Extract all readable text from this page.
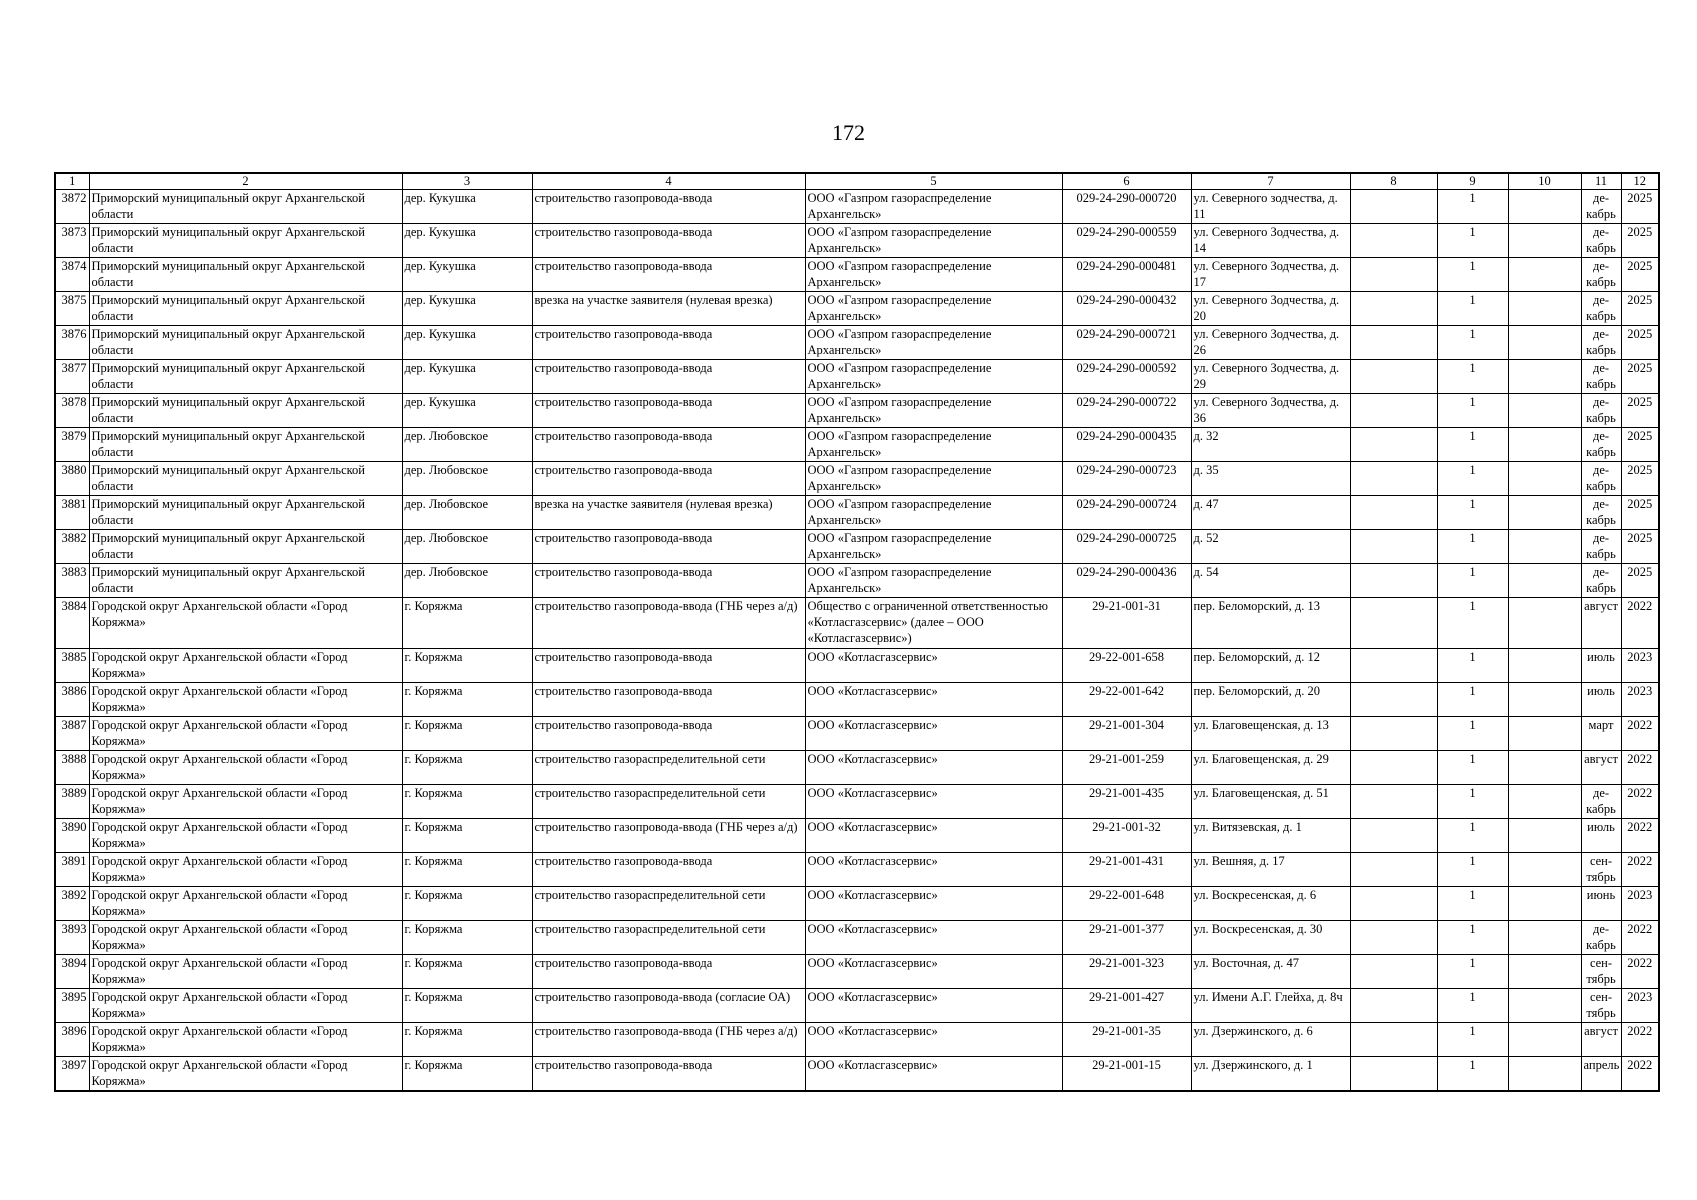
172
1	2	3	4	5	6	7	8	9	10	11	12
3872	Приморский муниципальный округ Архангельской области	дер. Кукушка	строительство газопровода-ввода	ООО «Газпром газораспределение Архангельск»	029-24-290-000720	ул. Северного зодчества, д. 11		1		де-кабрь	2025
3873	Приморский муниципальный округ Архангельской области	дер. Кукушка	строительство газопровода-ввода	ООО «Газпром газораспределение Архангельск»	029-24-290-000559	ул. Северного Зодчества, д. 14		1		де-кабрь	2025
3874	Приморский муниципальный округ Архангельской области	дер. Кукушка	строительство газопровода-ввода	ООО «Газпром газораспределение Архангельск»	029-24-290-000481	ул. Северного Зодчества, д. 17		1		де-кабрь	2025
3875	Приморский муниципальный округ Архангельской области	дер. Кукушка	врезка на участке заявителя (нулевая врезка)	ООО «Газпром газораспределение Архангельск»	029-24-290-000432	ул. Северного Зодчества, д. 20		1		де-кабрь	2025
3876	Приморский муниципальный округ Архангельской области	дер. Кукушка	строительство газопровода-ввода	ООО «Газпром газораспределение Архангельск»	029-24-290-000721	ул. Северного Зодчества, д. 26		1		де-кабрь	2025
3877	Приморский муниципальный округ Архангельской области	дер. Кукушка	строительство газопровода-ввода	ООО «Газпром газораспределение Архангельск»	029-24-290-000592	ул. Северного Зодчества, д. 29		1		де-кабрь	2025
3878	Приморский муниципальный округ Архангельской области	дер. Кукушка	строительство газопровода-ввода	ООО «Газпром газораспределение Архангельск»	029-24-290-000722	ул. Северного Зодчества, д. 36		1		де-кабрь	2025
3879	Приморский муниципальный округ Архангельской области	дер. Любовское	строительство газопровода-ввода	ООО «Газпром газораспределение Архангельск»	029-24-290-000435	д. 32		1		де-кабрь	2025
3880	Приморский муниципальный округ Архангельской области	дер. Любовское	строительство газопровода-ввода	ООО «Газпром газораспределение Архангельск»	029-24-290-000723	д. 35		1		де-кабрь	2025
3881	Приморский муниципальный округ Архангельской области	дер. Любовское	врезка на участке заявителя (нулевая врезка)	ООО «Газпром газораспределение Архангельск»	029-24-290-000724	д. 47		1		де-кабрь	2025
3882	Приморский муниципальный округ Архангельской области	дер. Любовское	строительство газопровода-ввода	ООО «Газпром газораспределение Архангельск»	029-24-290-000725	д. 52		1		де-кабрь	2025
3883	Приморский муниципальный округ Архангельской области	дер. Любовское	строительство газопровода-ввода	ООО «Газпром газораспределение Архангельск»	029-24-290-000436	д. 54		1		де-кабрь	2025
3884	Городской округ Архангельской области «Город Коряжма»	г. Коряжма	строительство газопровода-ввода (ГНБ через а/д)	Общество с ограниченной ответственностью «Котласгазсервис» (далее – ООО «Котласгазсервис»)	29-21-001-31	пер. Беломорский, д. 13		1		август	2022
3885	Городской округ Архангельской области «Город Коряжма»	г. Коряжма	строительство газопровода-ввода	ООО «Котласгазсервис»	29-22-001-658	пер. Беломорский, д. 12		1		июль	2023
3886	Городской округ Архангельской области «Город Коряжма»	г. Коряжма	строительство газопровода-ввода	ООО «Котласгазсервис»	29-22-001-642	пер. Беломорский, д. 20		1		июль	2023
3887	Городской округ Архангельской области «Город Коряжма»	г. Коряжма	строительство газопровода-ввода	ООО «Котласгазсервис»	29-21-001-304	ул. Благовещенская, д. 13		1		март	2022
3888	Городской округ Архангельской области «Город Коряжма»	г. Коряжма	строительство газораспределительной сети	ООО «Котласгазсервис»	29-21-001-259	ул. Благовещенская, д. 29		1		август	2022
3889	Городской округ Архангельской области «Город Коряжма»	г. Коряжма	строительство газораспределительной сети	ООО «Котласгазсервис»	29-21-001-435	ул. Благовещенская, д. 51		1		де-кабрь	2022
3890	Городской округ Архангельской области «Город Коряжма»	г. Коряжма	строительство газопровода-ввода (ГНБ через а/д)	ООО «Котласгазсервис»	29-21-001-32	ул. Витязевская, д. 1		1		июль	2022
3891	Городской округ Архангельской области «Город Коряжма»	г. Коряжма	строительство газопровода-ввода	ООО «Котласгазсервис»	29-21-001-431	ул. Вешняя, д. 17		1		сен-тябрь	2022
3892	Городской округ Архангельской области «Город Коряжма»	г. Коряжма	строительство газораспределительной сети	ООО «Котласгазсервис»	29-22-001-648	ул. Воскресенская, д. 6		1		июнь	2023
3893	Городской округ Архангельской области «Город Коряжма»	г. Коряжма	строительство газораспределительной сети	ООО «Котласгазсервис»	29-21-001-377	ул. Воскресенская, д. 30		1		де-кабрь	2022
3894	Городской округ Архангельской области «Город Коряжма»	г. Коряжма	строительство газопровода-ввода	ООО «Котласгазсервис»	29-21-001-323	ул. Восточная, д. 47		1		сен-тябрь	2022
3895	Городской округ Архангельской области «Город Коряжма»	г. Коряжма	строительство газопровода-ввода (согласие ОА)	ООО «Котласгазсервис»	29-21-001-427	ул. Имени А.Г. Глейха, д. 8ч		1		сен-тябрь	2023
3896	Городской округ Архангельской области «Город Коряжма»	г. Коряжма	строительство газопровода-ввода (ГНБ через а/д)	ООО «Котласгазсервис»	29-21-001-35	ул. Дзержинского, д. 6		1		август	2022
3897	Городской округ Архангельской области «Город Коряжма»	г. Коряжма	строительство газопровода-ввода	ООО «Котласгазсервис»	29-21-001-15	ул. Дзержинского, д. 1		1		апрель	2022
